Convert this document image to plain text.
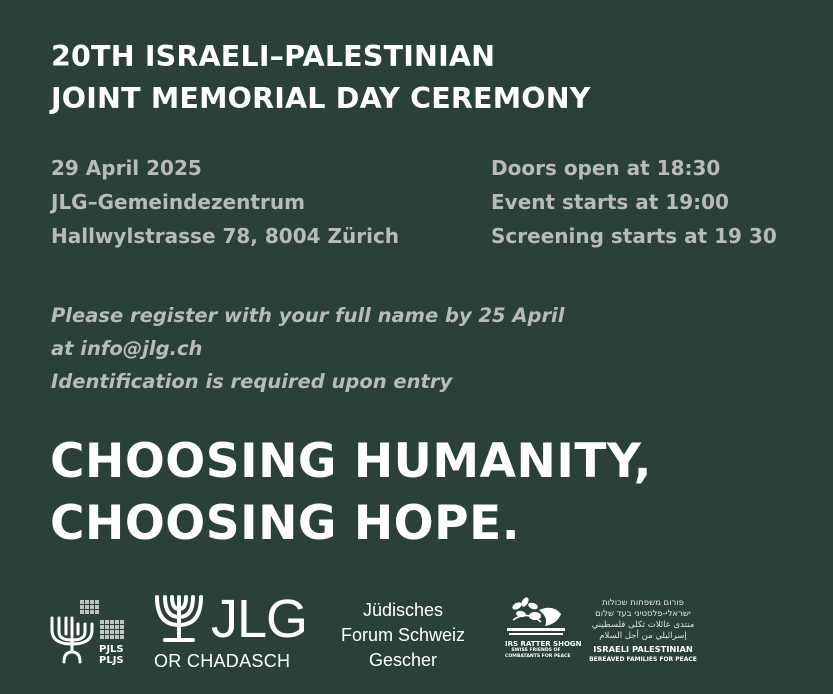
20TH ISRAELI–PALESTINIAN
JOINT MEMORIAL DAY CEREMONY
29 April 2025
JLG–Gemeindezentrum
Hallwylstrasse 78, 8004 Zürich
Doors open at 18:30
Event starts at 19:00
Screening starts at 19 30
Please register with your full name by 25 April
at info@jlg.ch
Identification is required upon entry
CHOOSING HUMANITY,
CHOOSING HOPE.
PJLS
PLJS
JLG
OR CHADASCH
Jüdisches
Forum Schweiz
Gescher
IRS RATTER SHOGN
SWISS FRIENDS OF
COMBATANTS FOR PEACE
פורום משפחות שכולות
ישראלי-פלסטיני בעד שלום
منتدى عائلات ثكلى فلسطيني
إسرائيلي من أجل السلام
ISRAELI PALESTINIAN
BEREAVED FAMILIES FOR PEACE
